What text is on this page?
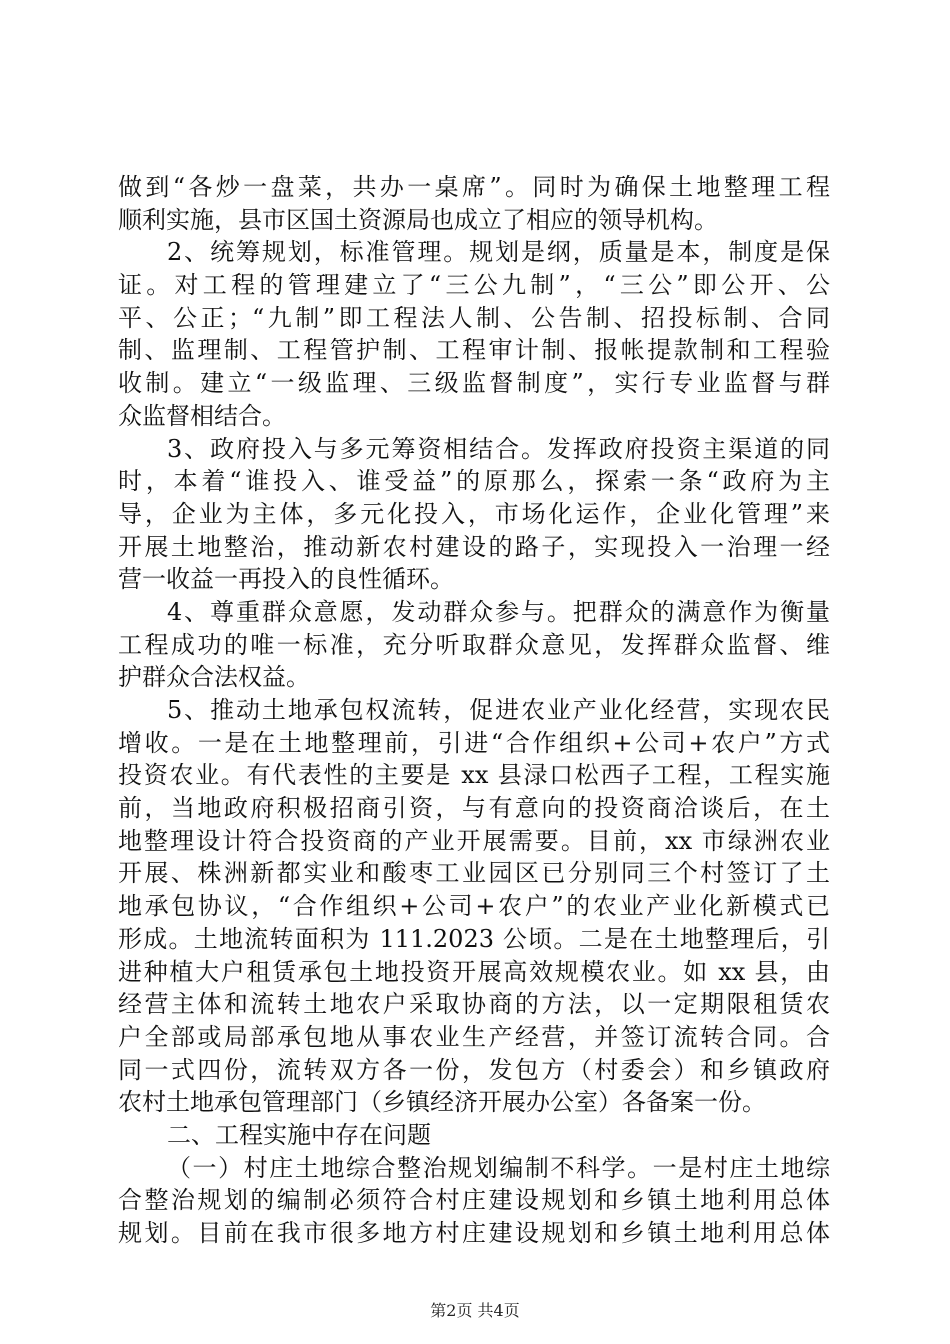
做到“各炒一盘菜，共办一桌席”。同时为确保土地整理工程
顺利实施，县市区国土资源局也成立了相应的领导机构。
2、统筹规划，标准管理。规划是纲，质量是本，制度是保
证。对工程的管理建立了“三公九制”，“三公”即公开、公
平、公正；“九制”即工程法人制、公告制、招投标制、合同
制、监理制、工程管护制、工程审计制、报帐提款制和工程验
收制。建立“一级监理、三级监督制度”，实行专业监督与群
众监督相结合。
3、政府投入与多元筹资相结合。发挥政府投资主渠道的同
时，本着“谁投入、谁受益”的原那么，探索一条“政府为主
导，企业为主体，多元化投入，市场化运作，企业化管理”来
开展土地整治，推动新农村建设的路子，实现投入一治理一经
营一收益一再投入的良性循环。
4、尊重群众意愿，发动群众参与。把群众的满意作为衡量
工程成功的唯一标准，充分听取群众意见，发挥群众监督、维
护群众合法权益。
5、推动土地承包权流转，促进农业产业化经营，实现农民
增收。一是在土地整理前，引进“合作组织+公司+农户”方式
投资农业。有代表性的主要是 xx 县渌口松西子工程，工程实施
前，当地政府积极招商引资，与有意向的投资商洽谈后，在土
地整理设计符合投资商的产业开展需要。目前，xx 市绿洲农业
开展、株洲新都实业和酸枣工业园区已分别同三个村签订了土
地承包协议，“合作组织+公司+农户”的农业产业化新模式已
形成。土地流转面积为 111.2023 公顷。二是在土地整理后，引
进种植大户租赁承包土地投资开展高效规模农业。如 xx 县，由
经营主体和流转土地农户采取协商的方法，以一定期限租赁农
户全部或局部承包地从事农业生产经营，并签订流转合同。合
同一式四份，流转双方各一份，发包方（村委会）和乡镇政府
农村土地承包管理部门（乡镇经济开展办公室）各备案一份。
二、工程实施中存在问题
（一）村庄土地综合整治规划编制不科学。一是村庄土地综
合整治规划的编制必须符合村庄建设规划和乡镇土地利用总体
规划。目前在我市很多地方村庄建设规划和乡镇土地利用总体
第2页 共4页
